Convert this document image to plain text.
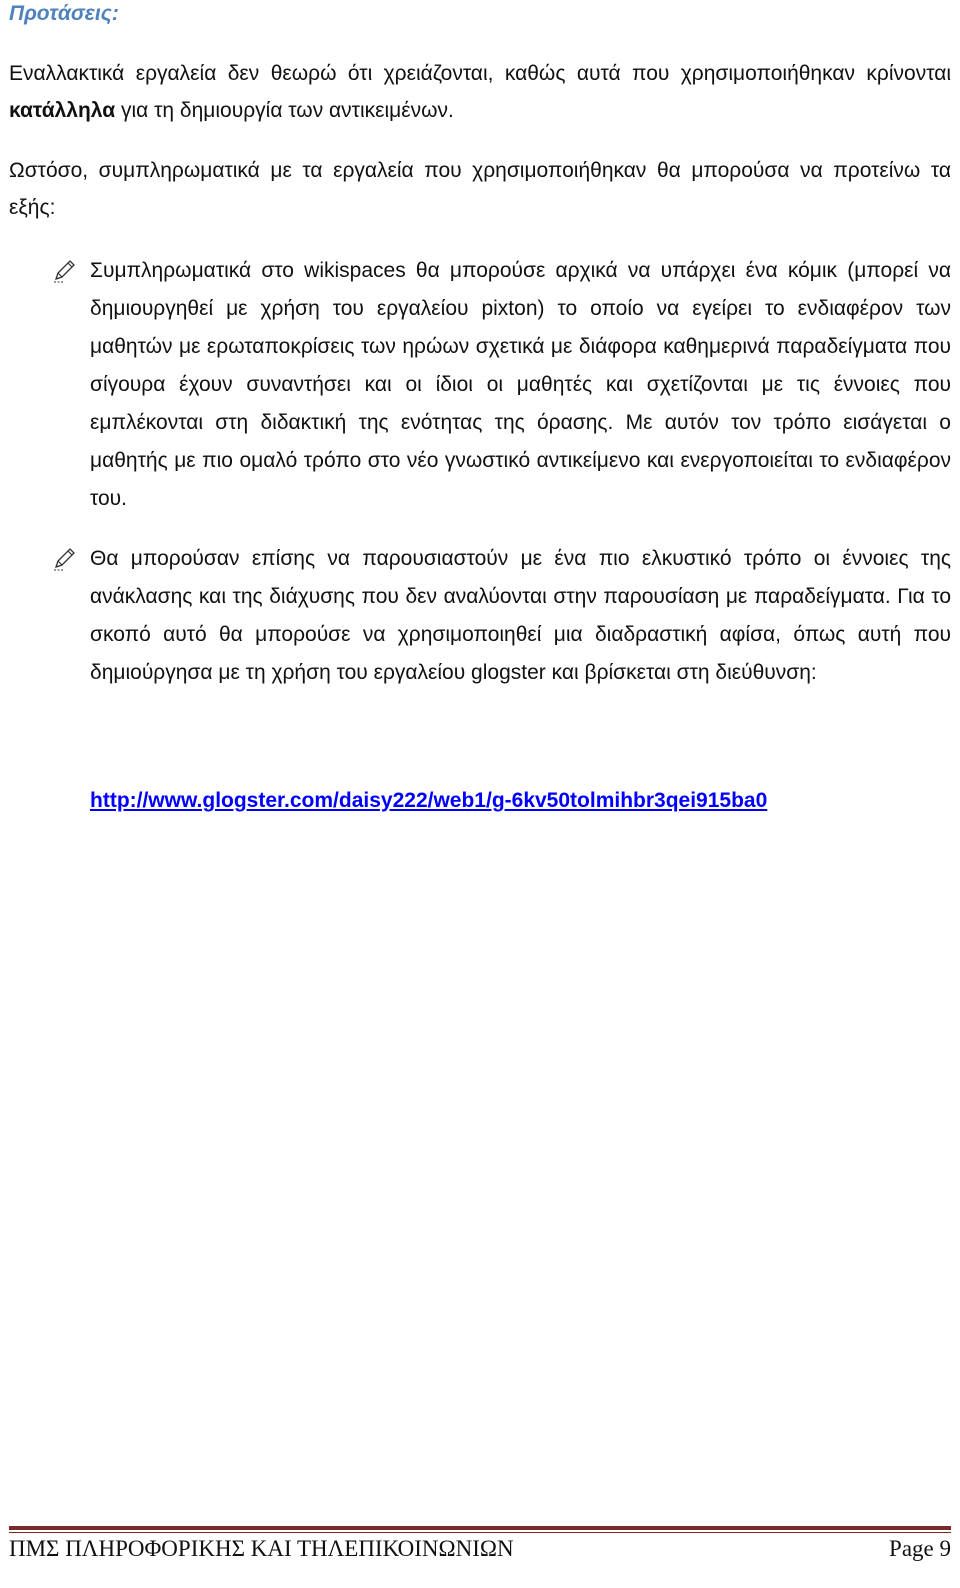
Προτάσεις:
Εναλλακτικά εργαλεία δεν θεωρώ ότι χρειάζονται, καθώς αυτά που χρησιμοποιήθηκαν κρίνονται κατάλληλα για τη δημιουργία των αντικειμένων.
Ωστόσο, συμπληρωματικά με τα εργαλεία που χρησιμοποιήθηκαν θα μπορούσα να προτείνω τα εξής:
Συμπληρωματικά στο wikispaces θα μπορούσε αρχικά να υπάρχει ένα κόμικ (μπορεί να δημιουργηθεί με χρήση του εργαλείου pixton) το οποίο να εγείρει το ενδιαφέρον των μαθητών με ερωταποκρίσεις των ηρώων σχετικά με διάφορα καθημερινά παραδείγματα που σίγουρα έχουν συναντήσει και οι ίδιοι οι μαθητές και σχετίζονται με τις έννοιες που εμπλέκονται στη διδακτική της ενότητας της όρασης. Με αυτόν τον τρόπο εισάγεται ο μαθητής με πιο ομαλό τρόπο στο νέο γνωστικό αντικείμενο και ενεργοποιείται το ενδιαφέρον του.
Θα μπορούσαν επίσης να παρουσιαστούν με ένα πιο ελκυστικό τρόπο οι έννοιες της ανάκλασης και της διάχυσης που δεν αναλύονται στην παρουσίαση με παραδείγματα. Για το σκοπό αυτό θα μπορούσε να χρησιμοποιηθεί μια διαδραστική αφίσα, όπως αυτή που δημιούργησα με τη χρήση του εργαλείου glogster και βρίσκεται στη διεύθυνση:
http://www.glogster.com/daisy222/web1/g-6kv50tolmihbr3qei915ba0
ΠΜΣ ΠΛΗΡΟΦΟΡΙΚΗΣ ΚΑΙ ΤΗΛΕΠΙΚΟΙΝΩΝΙΩΝ	Page 9
